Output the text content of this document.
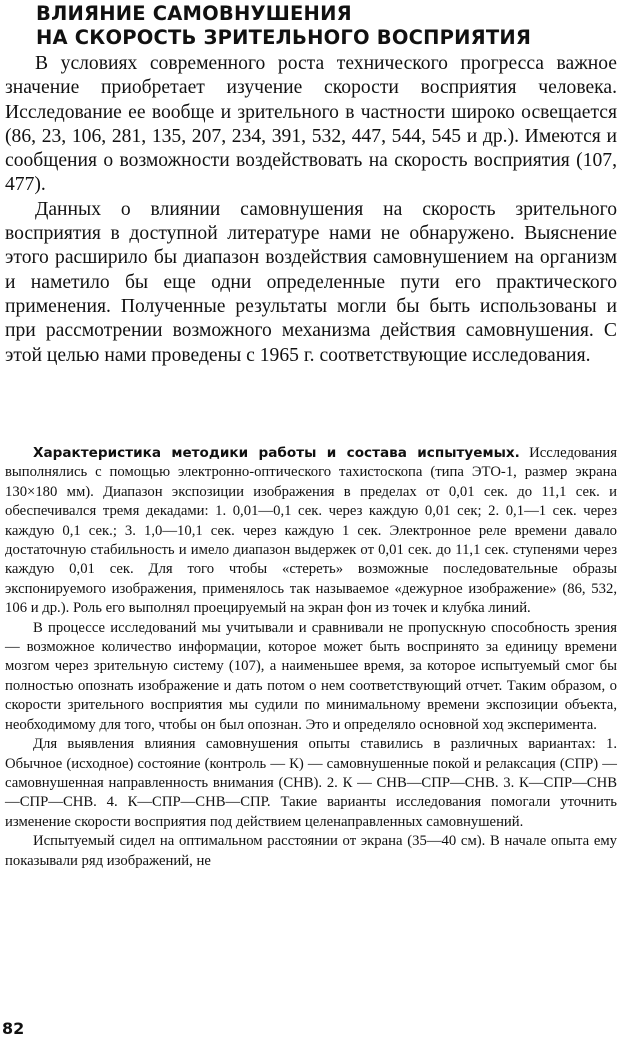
ВЛИЯНИЕ САМОВНУШЕНИЯ
НА СКОРОСТЬ ЗРИТЕЛЬНОГО ВОСПРИЯТИЯ

В условиях современного роста технического прогресса важное значение приобретает изучение скорости восприятия человека. Исследование ее вообще и зрительного в частности широко освещается (86, 23, 106, 281, 135, 207, 234, 391, 532, 447, 544, 545 и др.). Имеются и сообщения о возможности воздействовать на скорость восприятия (107, 477).

Данных о влиянии самовнушения на скорость зрительного восприятия в доступной литературе нами не обнаружено. Выяснение этого расширило бы диапазон воздействия самовнушением на организм и наметило бы еще одни определенные пути его практического применения. Полученные результаты могли бы быть использованы и при рассмотрении возможного механизма действия самовнушения. С этой целью нами проведены с 1965 г. соответствующие исследования.

Характеристика методики работы и состава испытуемых. Исследования выполнялись с помощью электронно-оптического тахистоскопа (типа ЭТО-1, размер экрана 130×180 мм). Диапазон экспозиции изображения в пределах от 0,01 сек. до 11,1 сек. и обеспечивался тремя декадами: 1. 0,01—0,1 сек. через каждую 0,01 сек; 2. 0,1—1 сек. через каждую 0,1 сек.; 3. 1,0—10,1 сек. через каждую 1 сек. Электронное реле времени давало достаточную стабильность и имело диапазон выдержек от 0,01 сек. до 11,1 сек. ступенями через каждую 0,01 сек. Для того чтобы «стереть» возможные последовательные образы экспонируемого изображения, применялось так называемое «дежурное изображение» (86, 532, 106 и др.). Роль его выполнял проецируемый на экран фон из точек и клубка линий.

В процессе исследований мы учитывали и сравнивали не пропускную способность зрения — возможное количество информации, которое может быть воспринято за единицу времени мозгом через зрительную систему (107), а наименьшее время, за которое испытуемый смог бы полностью опознать изображение и дать потом о нем соответствующий отчет. Таким образом, о скорости зрительного восприятия мы судили по минимальному времени экспозиции объекта, необходимому для того, чтобы он был опознан. Это и определяло основной ход эксперимента.

Для выявления влияния самовнушения опыты ставились в различных вариантах: 1. Обычное (исходное) состояние (контроль — К) — самовнушенные покой и релаксация (СПР) — самовнушенная направленность внимания (СНВ). 2. К — СНВ—СПР—СНВ. 3. К—СПР—СНВ—СПР—СНВ. 4. К—СПР—СНВ—СПР. Такие варианты исследования помогали уточнить изменение скорости восприятия под действием целенаправленных самовнушений.

Испытуемый сидел на оптимальном расстоянии от экрана (35—40 см). В начале опыта ему показывали ряд изображений, не

82
